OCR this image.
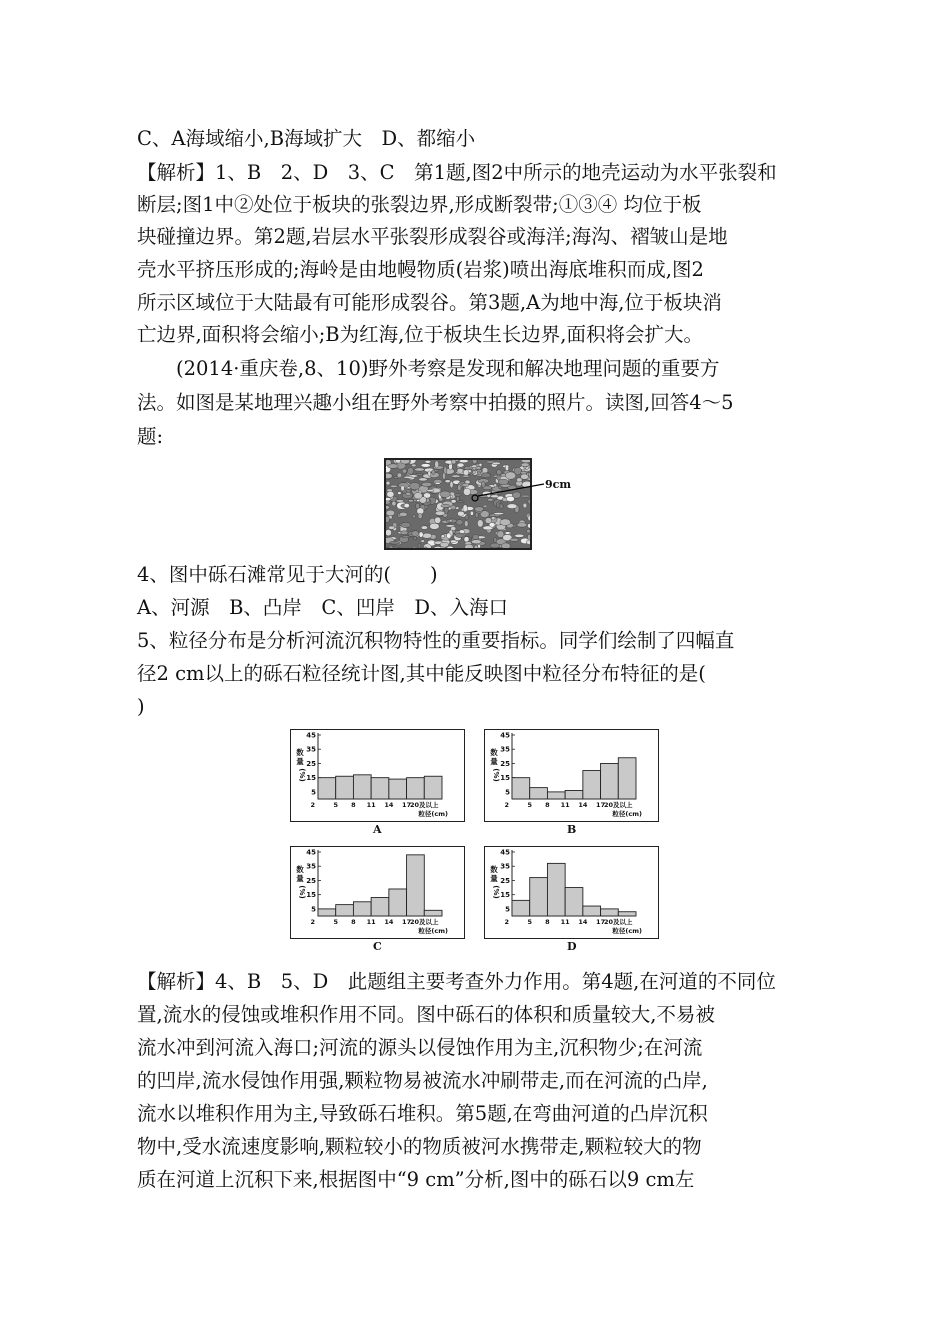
C、A海域缩小,B海域扩大　D、都缩小
【解析】1、B　2、D　3、C　第1题,图2中所示的地壳运动为水平张裂和
断层;图1中②处位于板块的张裂边界,形成断裂带;①③④ 均位于板
块碰撞边界。第2题,岩层水平张裂形成裂谷或海洋;海沟、褶皱山是地
壳水平挤压形成的;海岭是由地幔物质(岩浆)喷出海底堆积而成,图2
所示区域位于大陆最有可能形成裂谷。第3题,A为地中海,位于板块消
亡边界,面积将会缩小;B为红海,位于板块生长边界,面积将会扩大。
　　(2014·重庆卷,8、10)野外考察是发现和解决地理问题的重要方
法。如图是某地理兴趣小组在野外考察中拍摄的照片。读图,回答4～5
题:
9cm
4、图中砾石滩常见于大河的(　　)
A、河源　B、凸岸　C、凹岸　D、入海口
5、粒径分布是分析河流沉积物特性的重要指标。同学们绘制了四幅直
径2 cm以上的砾石粒径统计图,其中能反映图中粒径分布特征的是(
)
5
15
25
35
45
数
量
(%)
2	5 8 11 14 17
20及以上
粒径(cm)
A
5
15
25
35
45
数
量
(%)
2	5 8 11 14 17
20及以上
粒径(cm)
B
5
15
25
35
45
数
量
(%)
2	5 8 11 14 17
20及以上
粒径(cm)
C
5
15
25
35
45
数
量
(%)
2	5 8 11 14 17
20及以上
粒径(cm)
D
【解析】4、B　5、D　此题组主要考查外力作用。第4题,在河道的不同位
置,流水的侵蚀或堆积作用不同。图中砾石的体积和质量较大,不易被
流水冲到河流入海口;河流的源头以侵蚀作用为主,沉积物少;在河流
的凹岸,流水侵蚀作用强,颗粒物易被流水冲刷带走,而在河流的凸岸,
流水以堆积作用为主,导致砾石堆积。第5题,在弯曲河道的凸岸沉积
物中,受水流速度影响,颗粒较小的物质被河水携带走,颗粒较大的物
质在河道上沉积下来,根据图中“9 cm”分析,图中的砾石以9 cm左
